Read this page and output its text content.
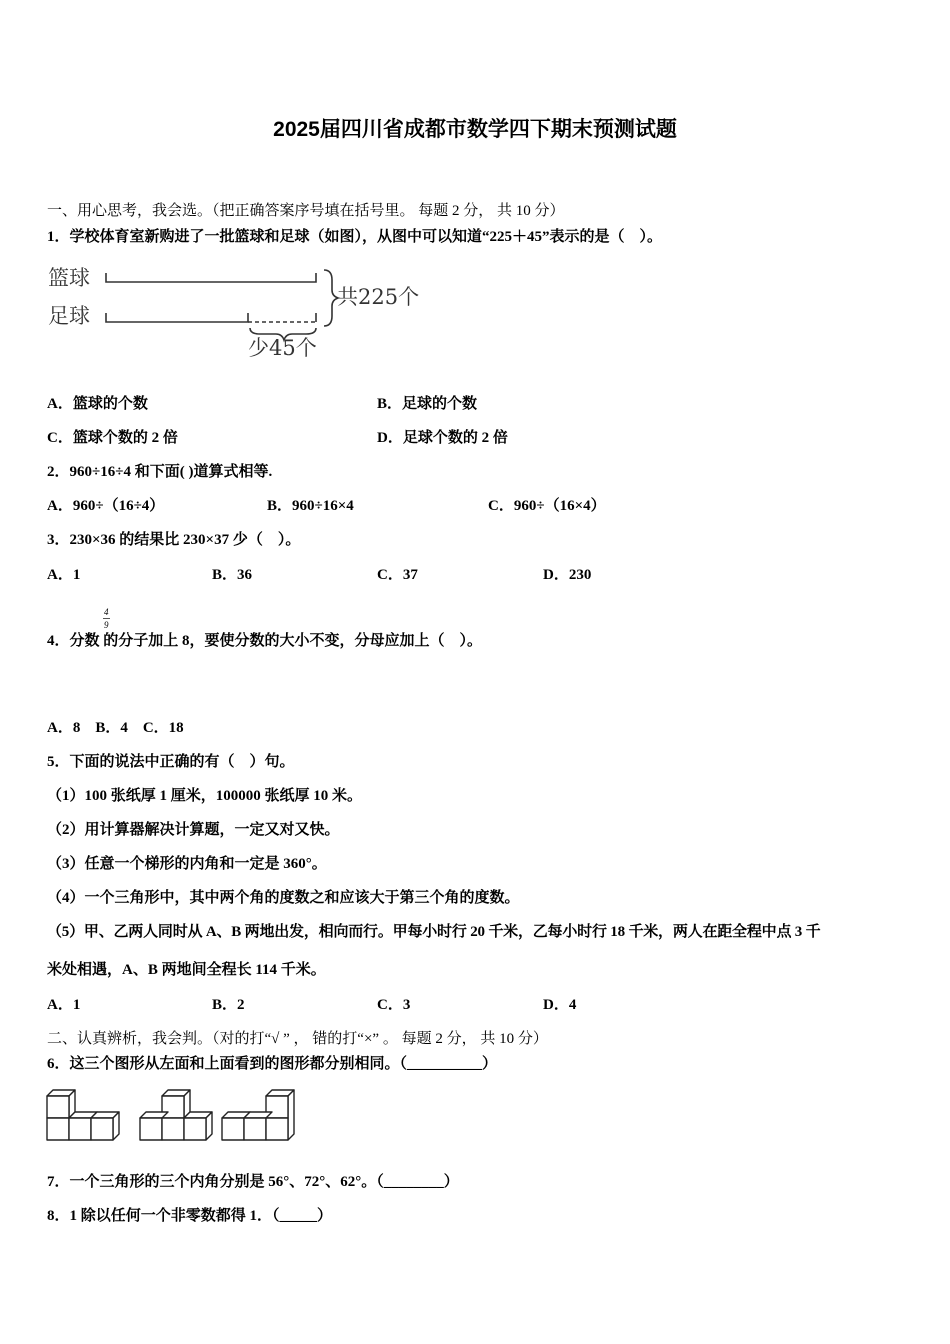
2025届四川省成都市数学四下期末预测试题
一、用心思考，我会选。（把正确答案序号填在括号里。 每题 2 分， 共 10 分）
1．学校体育室新购进了一批篮球和足球（如图），从图中可以知道“225＋45”表示的是（　）。
篮球
足球
共225个
少45个
A．篮球的个数	B．足球的个数
C．篮球个数的 2 倍	D．足球个数的 2 倍
2．960÷16÷4 和下面( )道算式相等.
A．960÷（16÷4）	B．960÷16×4	C．960÷（16×4）
3．230×36 的结果比 230×37 少（　）。
A．1	B．36	C．37	D．230
4
9
4．分数 的分子加上 8，要使分数的大小不变，分母应加上（　）。
A．8　B．4　C．18
5．下面的说法中正确的有（　）句。
（1）100 张纸厚 1 厘米，100000 张纸厚 10 米。
（2）用计算器解决计算题，一定又对又快。
（3）任意一个梯形的内角和一定是 360°。
（4）一个三角形中，其中两个角的度数之和应该大于第三个角的度数。
（5）甲、乙两人同时从 A、B 两地出发，相向而行。甲每小时行 20 千米，乙每小时行 18 千米，两人在距全程中点 3 千
米处相遇，A、B 两地间全程长 114 千米。
A．1	B．2	C．3	D．4
二、认真辨析，我会判。（对的打“√ ” ， 错的打“×” 。 每题 2 分， 共 10 分）
6．这三个图形从左面和上面看到的图形都分别相同。（__________）
7．一个三角形的三个内角分别是 56°、72°、62°。（________）
8．1 除以任何一个非零数都得 1．（_____）
